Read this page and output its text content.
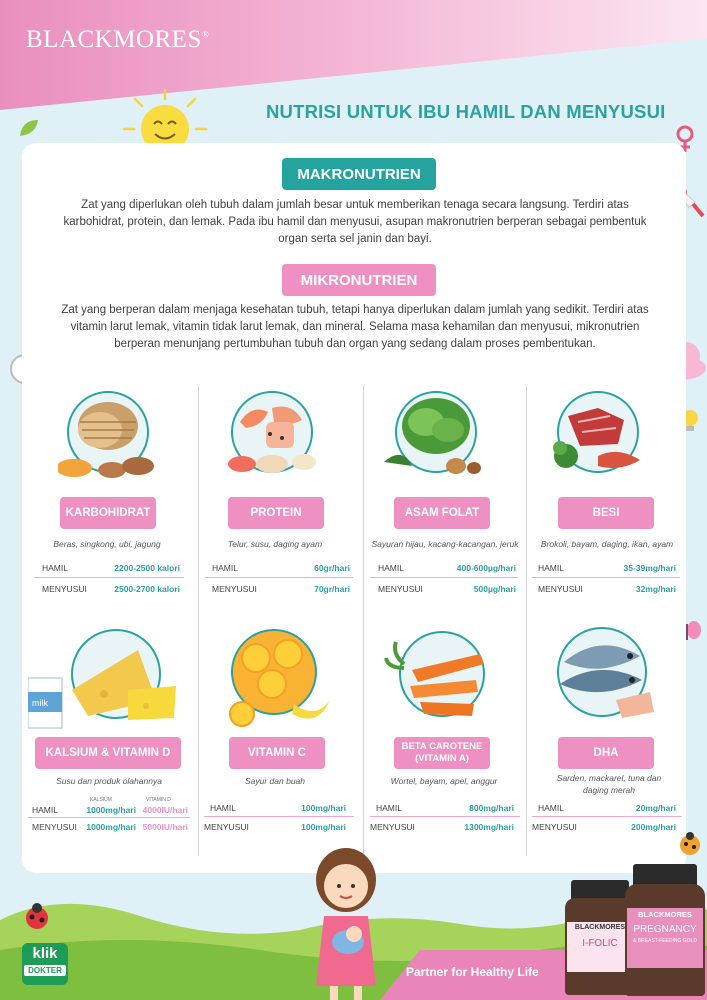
BLACKMORES®
NUTRISI UNTUK IBU HAMIL DAN MENYUSUI
MAKRONUTRIEN
Zat yang diperlukan oleh tubuh dalam jumlah besar untuk memberikan tenaga secara langsung. Terdiri atas karbohidrat, protein, dan lemak. Pada ibu hamil dan menyusui, asupan makronutrien berperan sebagai pembentuk organ serta sel janin dan bayi.
MIKRONUTRIEN
Zat yang berperan dalam menjaga kesehatan tubuh, tetapi hanya diperlukan dalam jumlah yang sedikit. Terdiri atas vitamin larut lemak, vitamin tidak larut lemak, dan mineral. Selama masa kehamilan dan menyusui, mikronutrien berperan menunjang pertumbuhan tubuh dan organ yang sedang dalam proses pembentukan.
KARBOHIDRAT
Beras, singkong, ubi, jagung
HAMIL	2200-2500 kalori
MENYUSUI	2500-2700 kalori
PROTEIN
Telur, susu, daging ayam
HAMIL	60gr/hari
MENYUSUI	70gr/hari
ASAM FOLAT
Sayuran hijau, kacang-kacangan, jeruk
HAMIL	400-600µg/hari
MENYUSUI	500µg/hari
BESI
Brokoli, bayam, daging, ikan, ayam
HAMIL	35-39mg/hari
MENYUSUI	32mg/hari
milk
KALSIUM & VITAMIN D
Susu dan produk olahannya
KALSIUM	VITAMIN D
HAMIL	1000mg/hari 4000IU/hari
MENYUSUI	1000mg/hari 5000IU/hari
VITAMIN C
Sayur dan buah
HAMIL	100mg/hari
MENYUSUI	100mg/hari
BETA CAROTENE
(VITAMIN A)
Wortel, bayam, apel, anggur
HAMIL	800mg/hari
MENYUSUI	1300mg/hari
DHA
Sarden, mackarel, tuna dan
daging merah
HAMIL	20mg/hari
MENYUSUI	200mg/hari
klik
DOKTER	Partner for Healthy Life
BLACKMORES
I-FOLIC
BLACKMORES
PREGNANCY
& BREAST-FEEDING GOLD
